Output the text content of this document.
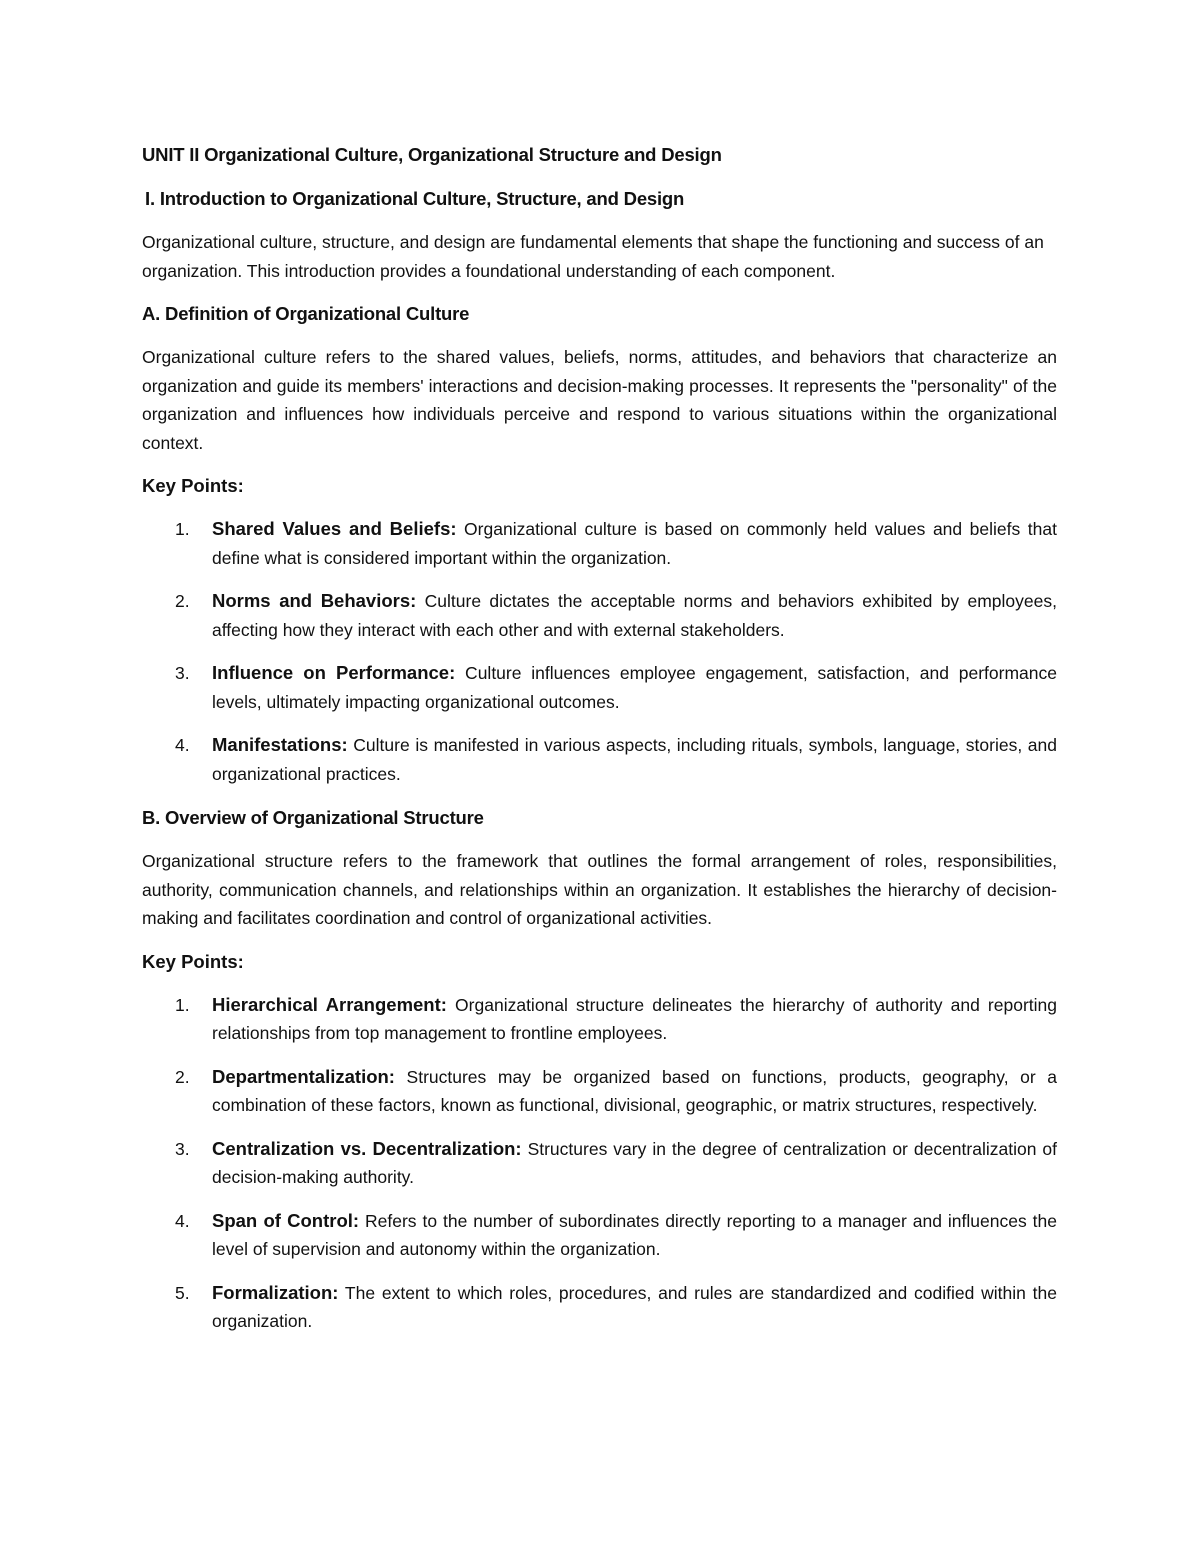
UNIT II Organizational Culture, Organizational Structure and Design
I. Introduction to Organizational Culture, Structure, and Design

Organizational culture, structure, and design are fundamental elements that shape the functioning and success of an organization. This introduction provides a foundational understanding of each component.

A. Definition of Organizational Culture

Organizational culture refers to the shared values, beliefs, norms, attitudes, and behaviors that characterize an organization and guide its members' interactions and decision-making processes. It represents the "personality" of the organization and influences how individuals perceive and respond to various situations within the organizational context.

Key Points:
1. Shared Values and Beliefs: Organizational culture is based on commonly held values and beliefs that define what is considered important within the organization.
2. Norms and Behaviors: Culture dictates the acceptable norms and behaviors exhibited by employees, affecting how they interact with each other and with external stakeholders.
3. Influence on Performance: Culture influences employee engagement, satisfaction, and performance levels, ultimately impacting organizational outcomes.
4. Manifestations: Culture is manifested in various aspects, including rituals, symbols, language, stories, and organizational practices.
B. Overview of Organizational Structure

Organizational structure refers to the framework that outlines the formal arrangement of roles, responsibilities, authority, communication channels, and relationships within an organization. It establishes the hierarchy of decision-making and facilitates coordination and control of organizational activities.

Key Points:
1. Hierarchical Arrangement: Organizational structure delineates the hierarchy of authority and reporting relationships from top management to frontline employees.
2. Departmentalization: Structures may be organized based on functions, products, geography, or a combination of these factors, known as functional, divisional, geographic, or matrix structures, respectively.
3. Centralization vs. Decentralization: Structures vary in the degree of centralization or decentralization of decision-making authority.
4. Span of Control: Refers to the number of subordinates directly reporting to a manager and influences the level of supervision and autonomy within the organization.
5. Formalization: The extent to which roles, procedures, and rules are standardized and codified within the organization.
